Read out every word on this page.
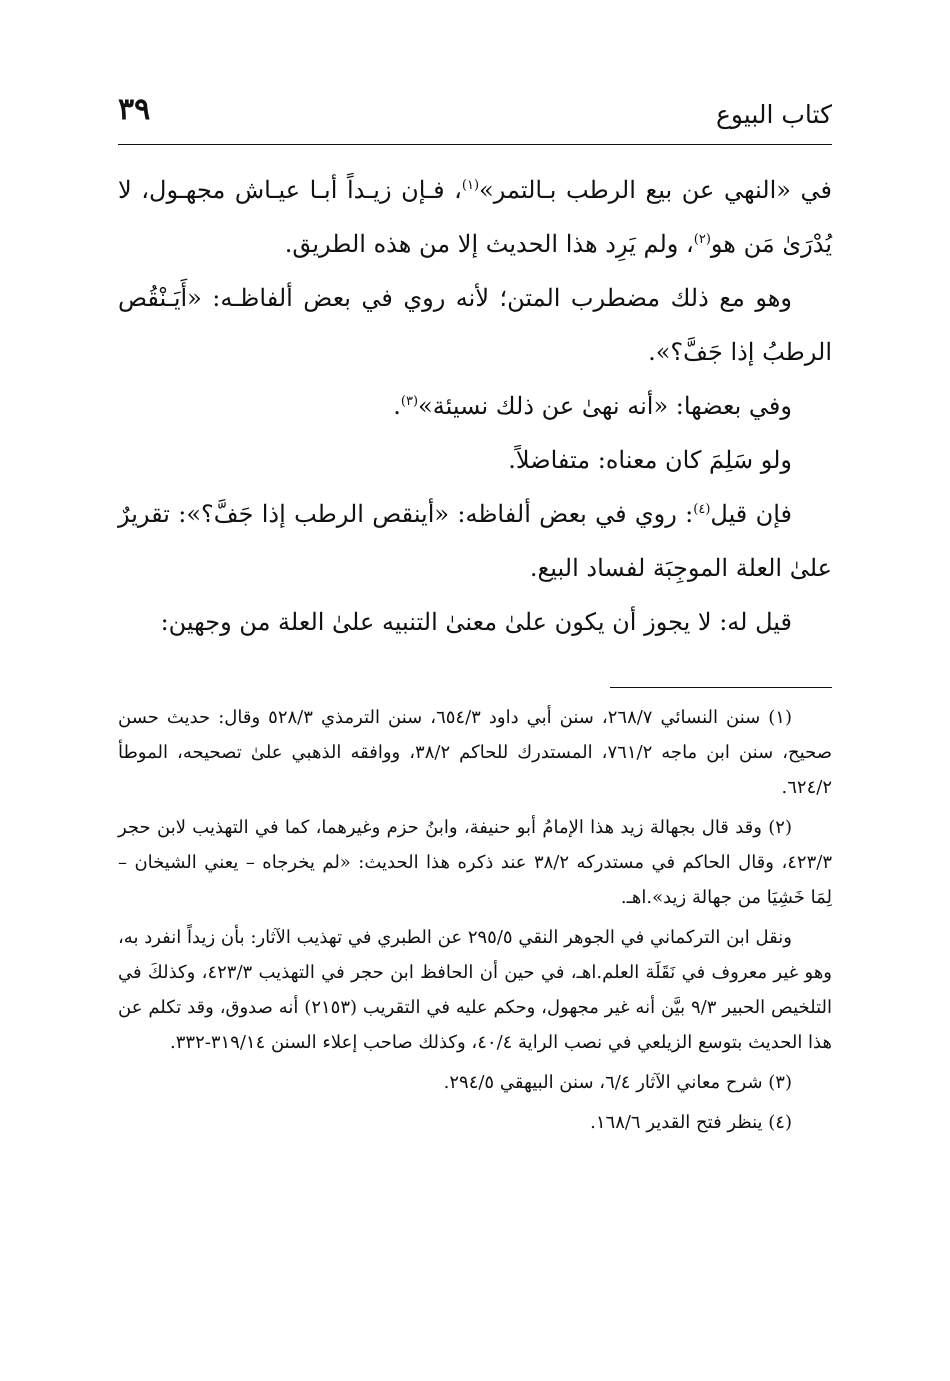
كتاب البيوع
٣٩

في «النهي عن بيع الرطب بـالتمر»$^{(١)}$، فـإن زيـداً أبـا عيـاش مجهـول، لا يُدْرَىٰ مَن هو$^{(٢)}$، ولم يَرِد هذا الحديث إلا من هذه الطريق.

وهو مع ذلك مضطرب المتن؛ لأنه روي في بعض ألفاظـه: «أَيَـنْقُص الرطبُ إذا جَفَّ؟».

وفي بعضها: «أنه نهىٰ عن ذلك نسيئة»$^{(٣)}$.

ولو سَلِمَ كان معناه: متفاضلاً.

فإن قيل$^{(٤)}$: روي في بعض ألفاظه: «أينقص الرطب إذا جَفَّ؟»: تقريرٌ علىٰ العلة الموجِبَة لفساد البيع.

قيل له: لا يجوز أن يكون علىٰ معنىٰ التنبيه علىٰ العلة من وجهين:

(١) سنن النسائي ٢٦٨/٧، سنن أبي داود ٦٥٤/٣، سنن الترمذي ٥٢٨/٣ وقال: حديث حسن صحيح، سنن ابن ماجه ٧٦١/٢، المستدرك للحاكم ٣٨/٢، ووافقه الذهبي علىٰ تصحيحه، الموطأ ٦٢٤/٢.

(٢) وقد قال بجهالة زيد هذا الإمامُ أبو حنيفة، وابنُ حزم وغيرهما، كما في التهذيب لابن حجر ٤٢٣/٣، وقال الحاكم في مستدركه ٣٨/٢ عند ذكره هذا الحديث: «لم يخرجاه – يعني الشيخان – لِمَا خَشِيَا من جهالة زيد».اهـ.

ونقل ابن التركماني في الجوهر النقي ٢٩٥/٥ عن الطبري في تهذيب الآثار: بأن زيداً انفرد به، وهو غير معروف في نَقَلَة العلم.اهـ، في حين أن الحافظ ابن حجر في التهذيب ٤٢٣/٣، وكذلكَ في التلخيص الحبير ٩/٣ بيَّن أنه غير مجهول، وحكم عليه في التقريب (٢١٥٣) أنه صدوق، وقد تكلم عن هذا الحديث بتوسع الزيلعي في نصب الراية ٤٠/٤، وكذلك صاحب إعلاء السنن ٣١٩/١٤-٣٣٢.

(٣) شرح معاني الآثار ٦/٤، سنن البيهقي ٢٩٤/٥.

(٤) ينظر فتح القدير ١٦٨/٦.
